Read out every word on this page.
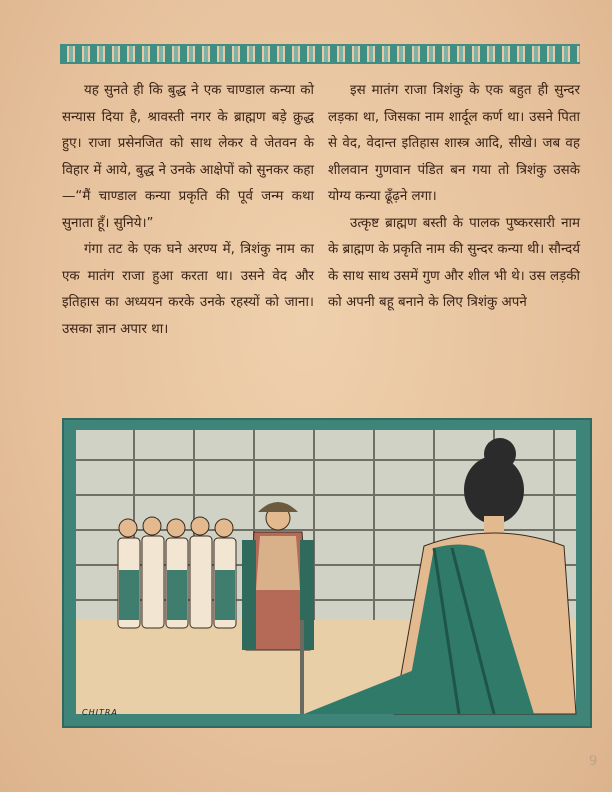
यह सुनते ही कि बुद्ध ने एक चाण्डाल कन्या को सन्यास दिया है, श्रावस्ती नगर के ब्राह्मण बड़े क्रुद्ध हुए। राजा प्रसेनजित को साथ लेकर वे जेतवन के विहार में आये, बुद्ध ने उनके आक्षेपों को सुनकर कहा—“मैं चाण्डाल कन्या प्रकृति की पूर्व जन्म कथा सुनाता हूँ। सुनिये।”

गंगा तट के एक घने अरण्य में, त्रिशंकु नाम का एक मातंग राजा हुआ करता था। उसने वेद और इतिहास का अध्ययन करके उनके रहस्यों को जाना। उसका ज्ञान अपार था।

इस मातंग राजा त्रिशंकु के एक बहुत ही सुन्दर लड़का था, जिसका नाम शार्दूल कर्ण था। उसने पिता से वेद, वेदान्त इतिहास शास्त्र आदि, सीखे। जब वह शीलवान गुणवान पंडित बन गया तो त्रिशंकु उसके योग्य कन्या ढूँढ़ने लगा।

उत्कृष्ट ब्राह्मण बस्ती के पालक पुष्करसारी नाम के ब्राह्मण के प्रकृति नाम की सुन्दर कन्या थी। सौन्दर्य के साथ साथ उसमें गुण और शील भी थे। उस लड़की को अपनी बहू बनाने के लिए त्रिशंकु अपने

CHITRA
9
